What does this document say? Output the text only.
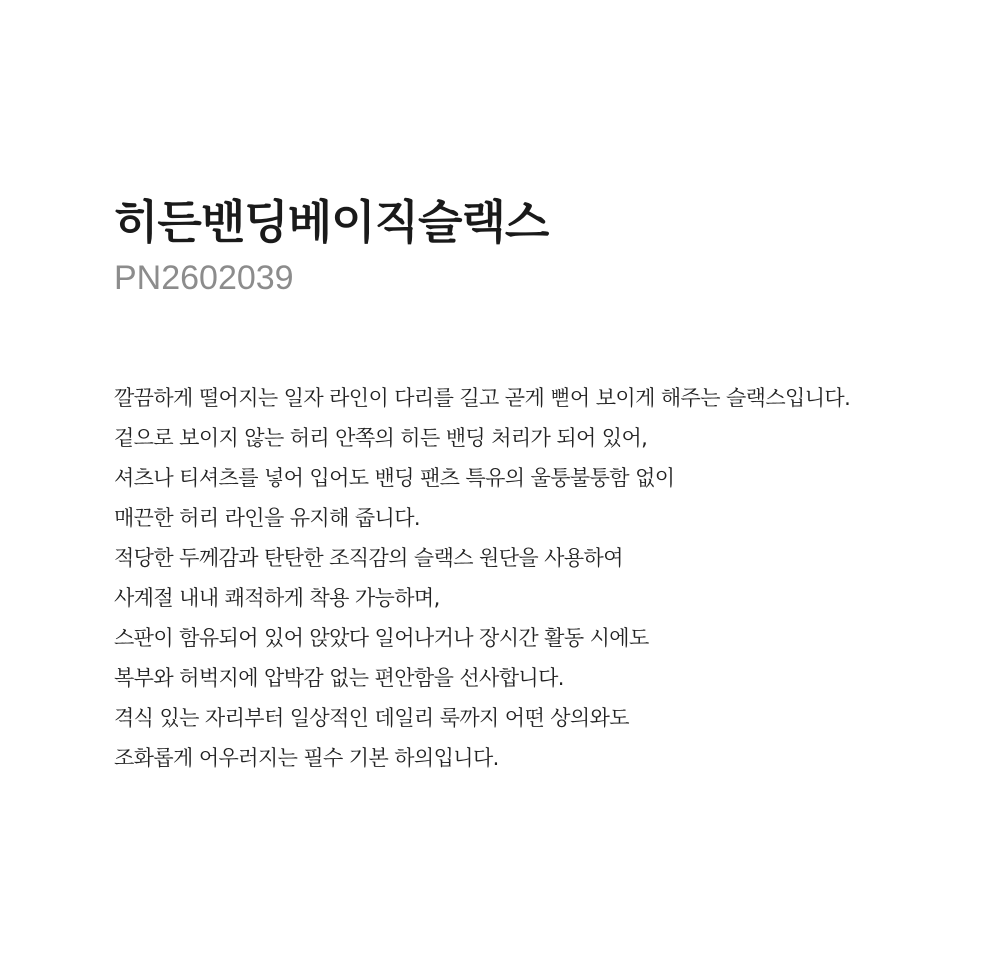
히든밴딩베이직슬랙스

PN2602039

깔끔하게 떨어지는 일자 라인이 다리를 길고 곧게 뻗어 보이게 해주는 슬랙스입니다.
겉으로 보이지 않는 허리 안쪽의 히든 밴딩 처리가 되어 있어,
셔츠나 티셔츠를 넣어 입어도 밴딩 팬츠 특유의 울퉁불퉁함 없이
매끈한 허리 라인을 유지해 줍니다.
적당한 두께감과 탄탄한 조직감의 슬랙스 원단을 사용하여
사계절 내내 쾌적하게 착용 가능하며,
스판이 함유되어 있어 앉았다 일어나거나 장시간 활동 시에도
복부와 허벅지에 압박감 없는 편안함을 선사합니다.
격식 있는 자리부터 일상적인 데일리 룩까지 어떤 상의와도
조화롭게 어우러지는 필수 기본 하의입니다.
